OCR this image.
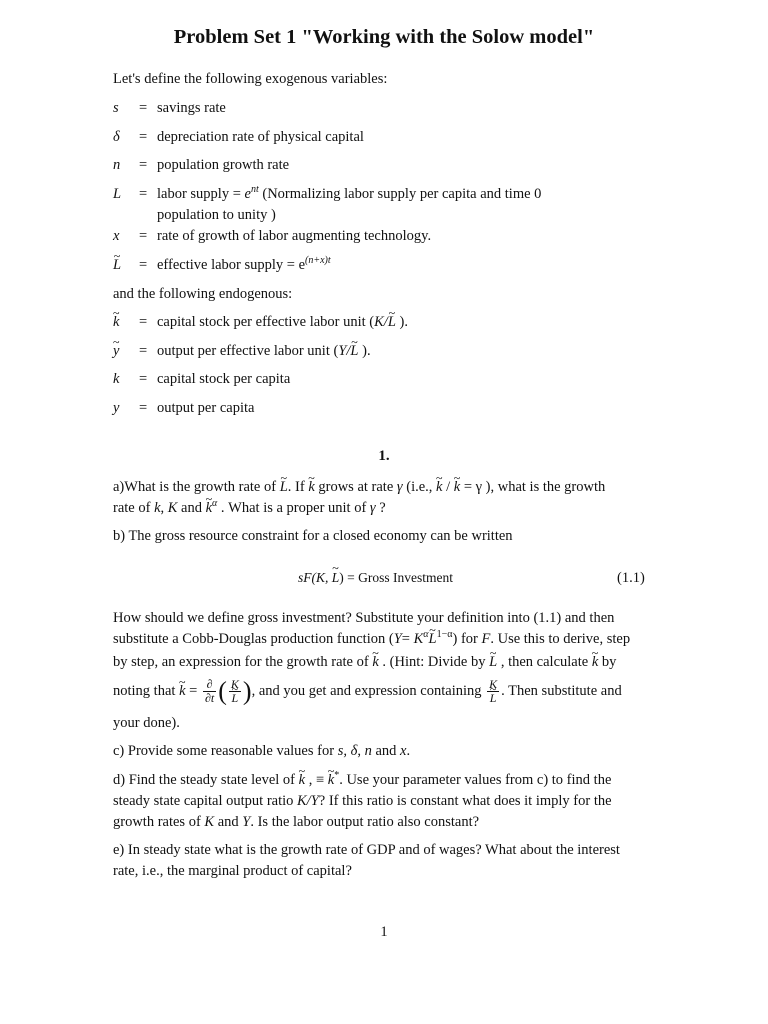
Problem Set 1 "Working with the Solow model"
Let's define the following exogenous variables:
s = savings rate
δ = depreciation rate of physical capital
n = population growth rate
L = labor supply = $e^{nt}$ (Normalizing labor supply per capita and time 0
population to unity )
x = rate of growth of labor augmenting technology.
~ L = effective labor supply = $e^{(n+x)t}$
and the following endogenous:
~ k = capital stock per effective labor unit (K/~ L ).
~ y = output per effective labor unit (Y/~ L ).
k = capital stock per capita
y = output per capita
1.
a)What is the growth rate of ~ L. If ~ k grows at rate γ (i.e., ~ k / ~ k = γ ), what is the growth
rate of k, K and ~ $k^\alpha$ . What is a proper unit of γ ?
b) The gross resource constraint for a closed economy can be written
sF(K, ~ L) = Gross Investment	(1.1)
How should we define gross investment? Substitute your definition into (1.1) and then
substitute a Cobb-Douglas production function ($Y= K^\alpha\sim$ $L^{1-\alpha}$) for F. Use this to derive, step
by step, an expression for the growth rate of ~ k . (Hint: Divide by ~ L , then calculate ~ k by
noting that ~ $k = \frac{\partial}{\partial t}$ ( K
~ L ), and you get and expression containing K
~ L . Then substitute and
your done).
c) Provide some reasonable values for s, δ, n and x.
d) Find the steady state level of ~ k , ≡ ~ k*. Use your parameter values from c) to find the
steady state capital output ratio K/Y? If this ratio is constant what does it imply for the
growth rates of K and Y. Is the labor output ratio also constant?
e) In steady state what is the growth rate of GDP and of wages? What about the interest
rate, i.e., the marginal product of capital?
1
